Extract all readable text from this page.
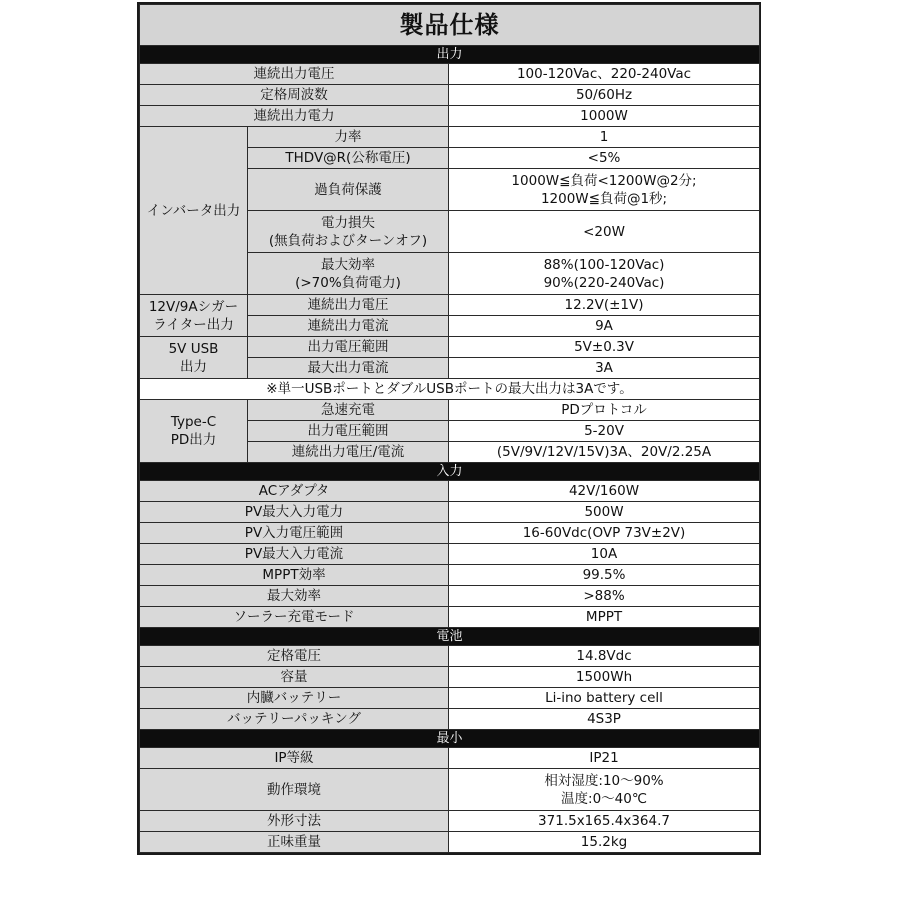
製品仕様		
出力		
連続出力電圧		100-120Vac、220-240Vac
定格周波数		50/60Hz
連続出力電力		1000W
インバータ出力	力率	1
	THDV@R(公称電圧)	<5%
	過負荷保護	1000W≦負荷<1200W@2分;
1200W≦負荷@1秒;

	電力損失
(無負荷およびターンオフ)	<20W

	最大効率
(>70%負荷電力)	88%(100-120Vac)
90%(220-240Vac)

12V/9Aシガー
ライター出力	連続出力電圧	12.2V(±1V)
	連続出力電流	9A

5V USB
出力	出力電圧範囲	5V±0.3V
	最大出力電流	3A
※単一USBポートとダブルUSBポートの最大出力は3Aです。		

Type-C
PD出力	急速充電	PDプロトコル
	出力電圧範囲	5-20V
	連続出力電圧/電流	(5V/9V/12V/15V)3A、20V/2.25A
入力		
ACアダプタ		42V/160W
PV最大入力電力		500W
PV入力電圧範囲		16-60Vdc(OVP 73V±2V)
PV最大入力電流		10A
MPPT効率		99.5%
最大効率		>88%
ソーラー充電モード		MPPT
電池		
定格電圧		14.8Vdc
容量		1500Wh
内臓バッテリー		Li-ino battery cell
バッテリーパッキング		4S3P
最小		
IP等級		IP21
動作環境		相対湿度:10〜90%
温度:0〜40℃

外形寸法		371.5x165.4x364.7
正味重量		15.2kg
